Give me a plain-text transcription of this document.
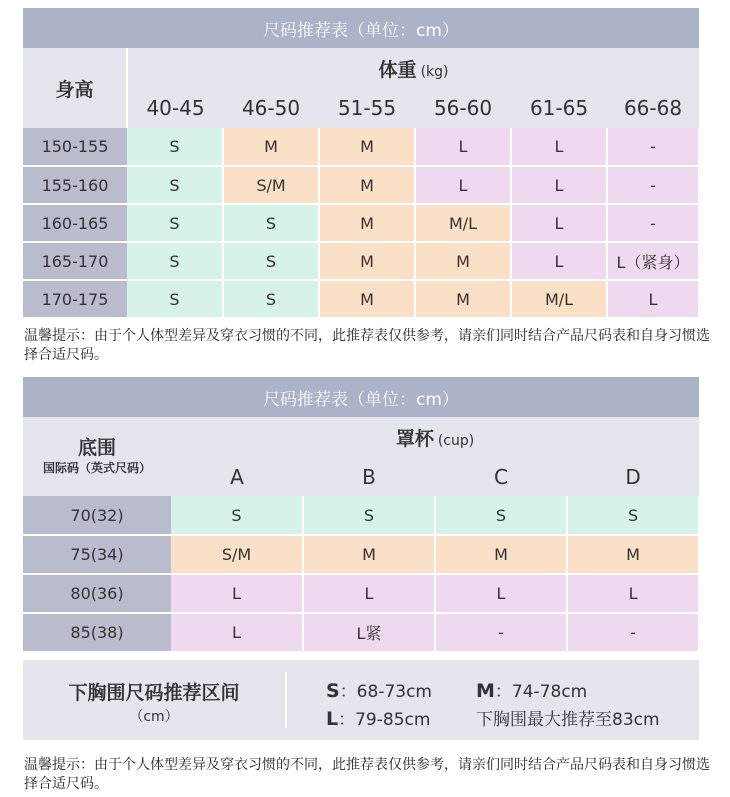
尺码推荐表（单位：cm）						
身高	体重 (kg)					
	40-45	46-50	51-55	56-60	61-65	66-68
150-155	S	M	M	L	L	-
155-160	S	S/M	M	L	L	-
160-165	S	S	M	M/L	L	-
165-170	S	S	M	M	L	L（紧身）
170-175	S	S	M	M	M/L	L
温馨提示：由于个人体型差异及穿衣习惯的不同，此推荐表仅供参考，请亲们同时结合产品尺码表和自身习惯选择合适尺码。
尺码推荐表（单位：cm）				

底围
国际码（英式尺码）	罩杯 (cup)			
	A	B	C	D
70(32)	S	S	S	S
75(34)	S/M	M	M	M
80(36)	L	L	L	L
85(38)	L	L紧	-	-
下胸围尺码推荐区间
（cm）
S：68-73cm M：74-78cm
L：79-85cm	下胸围最大推荐至83cm
温馨提示：由于个人体型差异及穿衣习惯的不同，此推荐表仅供参考，请亲们同时结合产品尺码表和自身习惯选择合适尺码。
